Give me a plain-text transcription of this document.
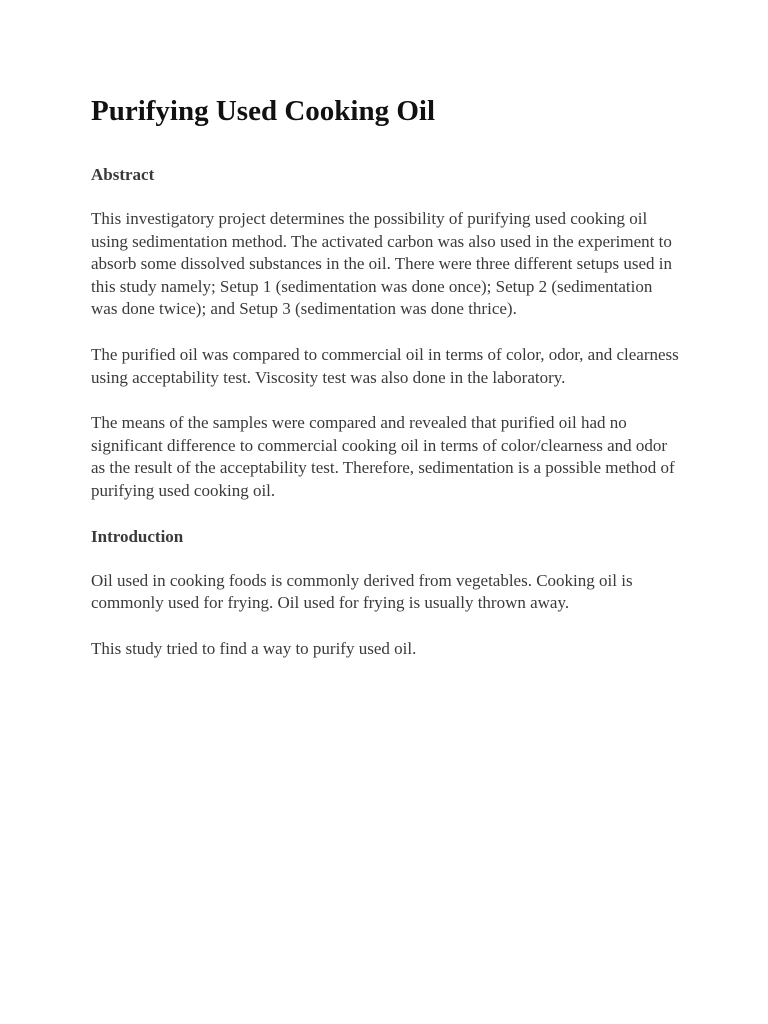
Purifying Used Cooking Oil
Abstract

This investigatory project determines the possibility of purifying used cooking oil using sedimentation method. The activated carbon was also used in the experiment to absorb some dissolved substances in the oil. There were three different setups used in this study namely; Setup 1 (sedimentation was done once); Setup 2 (sedimentation was done twice); and Setup 3 (sedimentation was done thrice).

The purified oil was compared to commercial oil in terms of color, odor, and clearness using acceptability test. Viscosity test was also done in the laboratory.

The means of the samples were compared and revealed that purified oil had no significant difference to commercial cooking oil in terms of color/clearness and odor as the result of the acceptability test. Therefore, sedimentation is a possible method of purifying used cooking oil.

Introduction

Oil used in cooking foods is commonly derived from vegetables. Cooking oil is commonly used for frying. Oil used for frying is usually thrown away.

This study tried to find a way to purify used oil.
